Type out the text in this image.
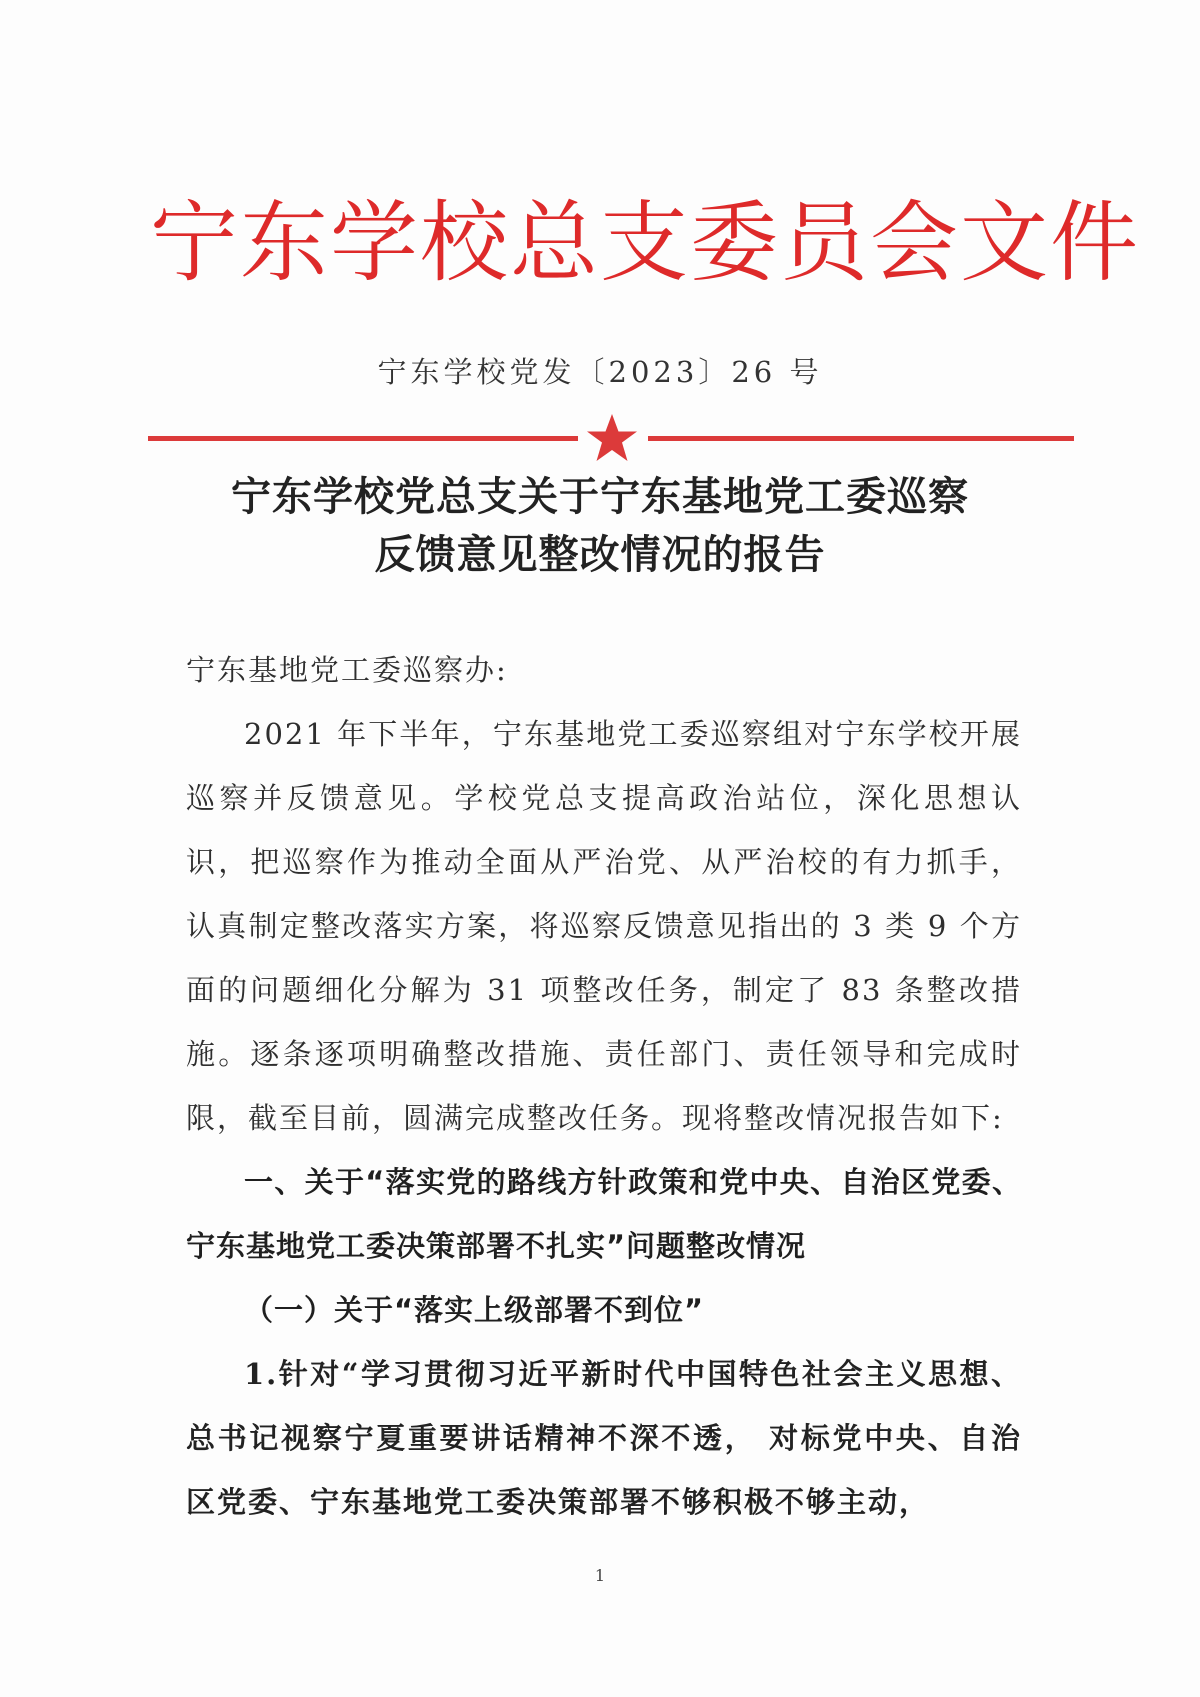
宁东学校总支委员会文件
宁东学校党发〔2023〕26 号
宁东学校党总支关于宁东基地党工委巡察
反馈意见整改情况的报告

宁东基地党工委巡察办:

2021 年下半年，宁东基地党工委巡察组对宁东学校开展巡察并反馈意见。学校党总支提高政治站位，深化思想认识，把巡察作为推动全面从严治党、从严治校的有力抓手，认真制定整改落实方案，将巡察反馈意见指出的 3 类 9 个方面的问题细化分解为 31 项整改任务，制定了 83 条整改措施。逐条逐项明确整改措施、责任部门、责任领导和完成时限，截至目前，圆满完成整改任务。现将整改情况报告如下:

一、关于“落实党的路线方针政策和党中央、自治区党委、宁东基地党工委决策部署不扎实”问题整改情况

（一）关于“落实上级部署不到位”

1.针对“学习贯彻习近平新时代中国特色社会主义思想、总书记视察宁夏重要讲话精神不深不透， 对标党中央、自治区党委、宁东基地党工委决策部署不够积极不够主动，

1
